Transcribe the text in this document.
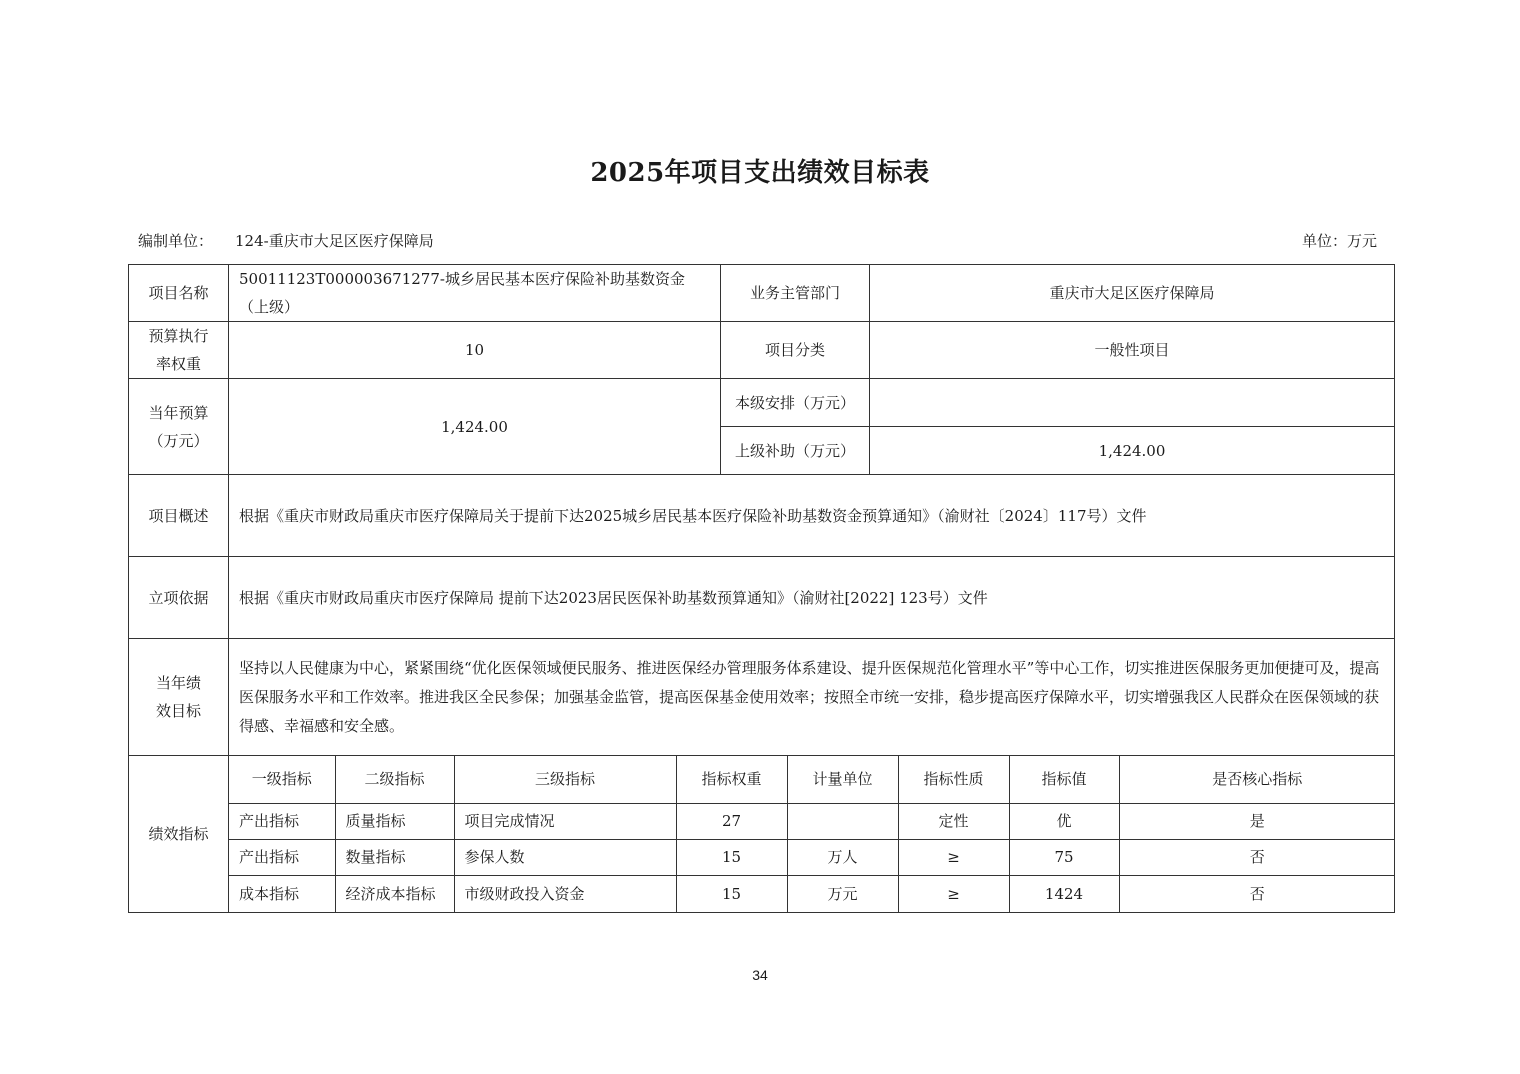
2025年项目支出绩效目标表
编制单位： 124-重庆市大足区医疗保障局	单位：万元
项目名称	50011123T000003671277-城乡居民基本医疗保险补助基数资金（上级）	业务主管部门	重庆市大足区医疗保障局
预算执行率权重	10	项目分类	一般性项目
当年预算（万元）	1,424.00	本级安排（万元）	
上级补助（万元）	1,424.00
项目概述	根据《重庆市财政局重庆市医疗保障局关于提前下达2025城乡居民基本医疗保险补助基数资金预算通知》（渝财社〔2024〕117号）文件
立项依据	根据《重庆市财政局重庆市医疗保障局 提前下达2023居民医保补助基数预算通知》（渝财社[2022] 123号）文件
当年绩效目标	坚持以人民健康为中心，紧紧围绕“优化医保领域便民服务、推进医保经办管理服务体系建设、提升医保规范化管理水平”等中心工作，切实推进医保服务更加便捷可及，提高医保服务水平和工作效率。推进我区全民参保；加强基金监管，提高医保基金使用效率；按照全市统一安排，稳步提高医疗保障水平，切实增强我区人民群众在医保领域的获得感、幸福感和安全感。
绩效指标	
一级指标	二级指标	三级指标	指标权重	计量单位	指标性质	指标值	是否核心指标
产出指标	质量指标	项目完成情况	27		定性	优	是
产出指标	数量指标	参保人数	15	万人	≥	75	否
成本指标	经济成本指标	市级财政投入资金	15	万元	≥	1424	否
34
